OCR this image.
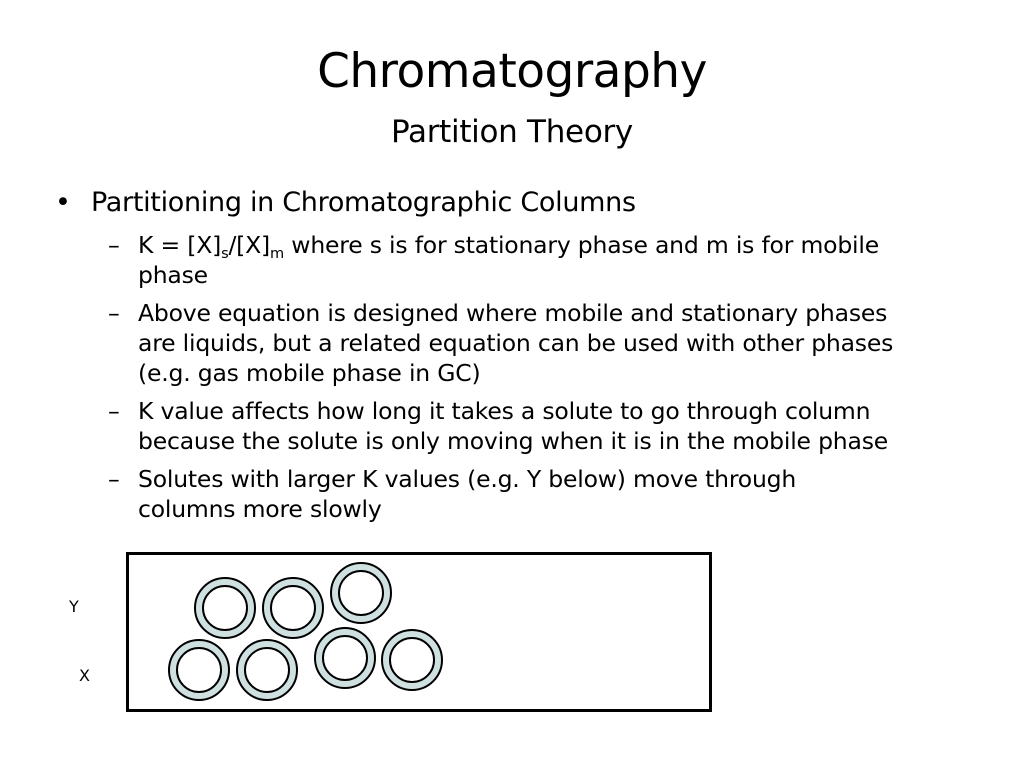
Chromatography
Partition Theory
• Partitioning in Chromatographic Columns
– $K = [X]_s/[X]_m$ where s is for stationary phase and m is for mobile
phase
– Above equation is designed where mobile and stationary phases
are liquids, but a related equation can be used with other phases
(e.g. gas mobile phase in GC)
– K value affects how long it takes a solute to go through column
because the solute is only moving when it is in the mobile phase
– Solutes with larger K values (e.g. Y below) move through
columns more slowly
Y
X
